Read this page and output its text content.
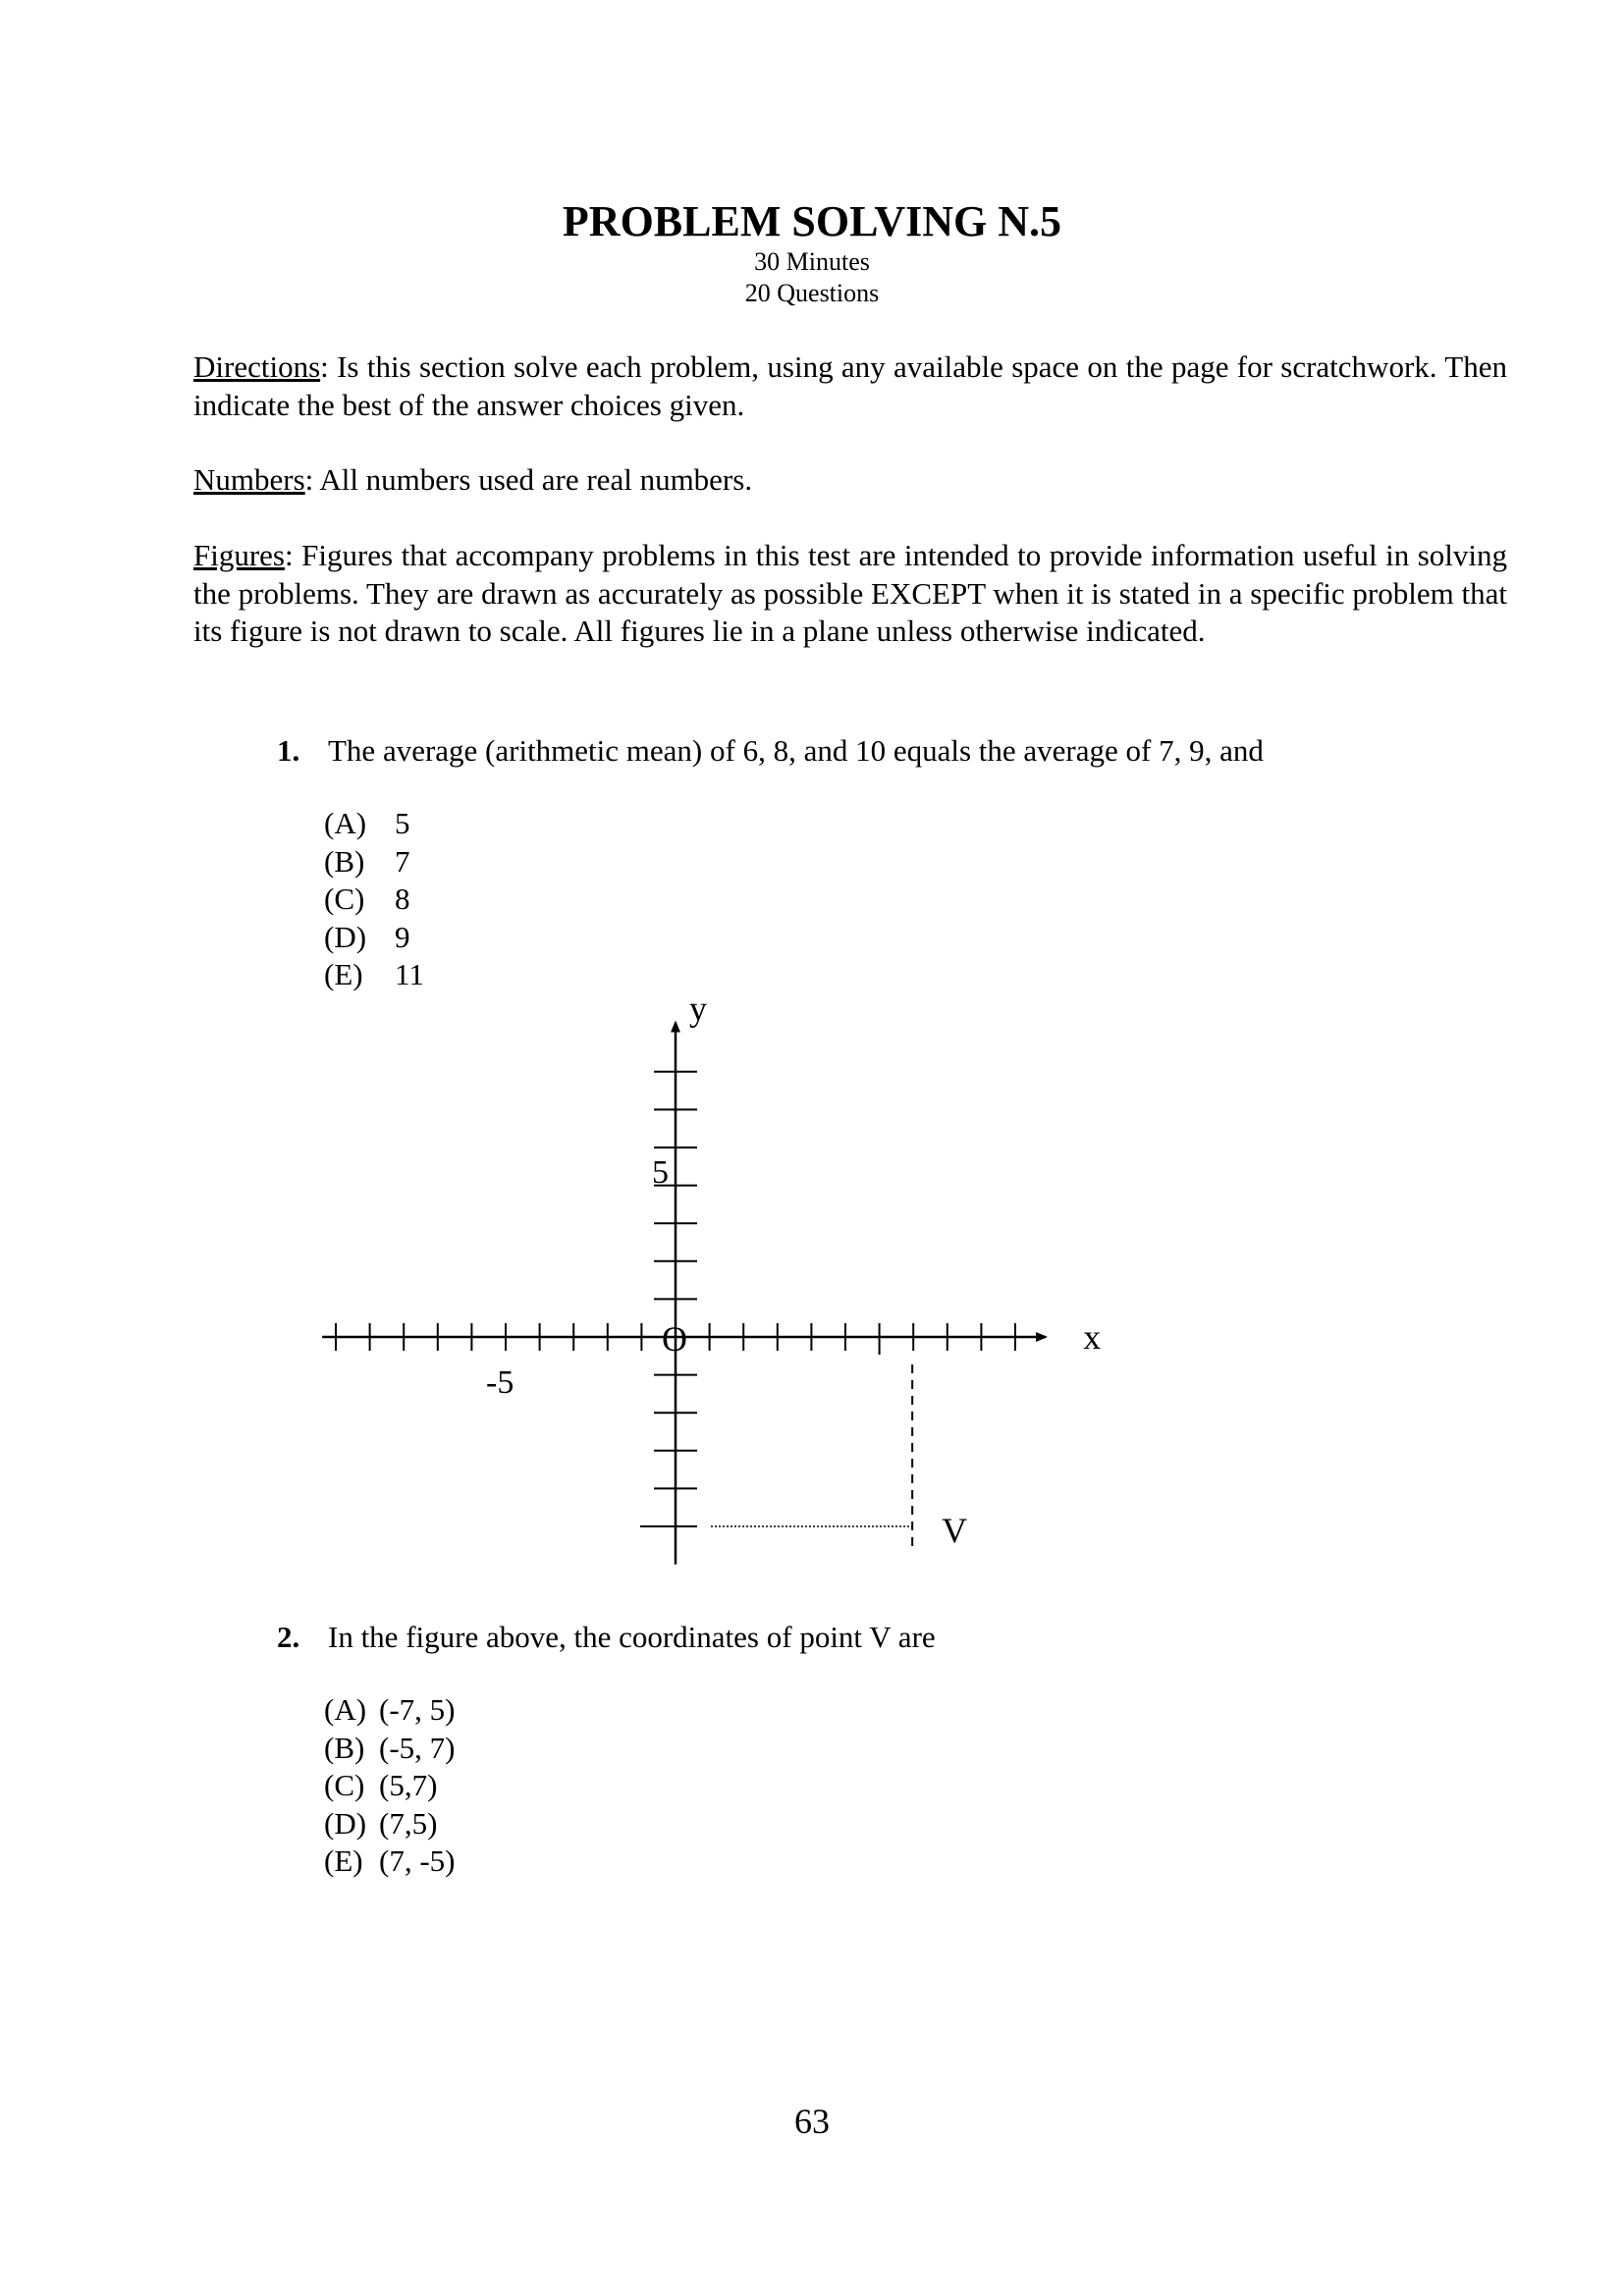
PROBLEM SOLVING N.5
30 Minutes
20 Questions
Directions: Is this section solve each problem, using any available space on the page for scratchwork. Then indicate the best of the answer choices given.
Numbers: All numbers used are real numbers.
Figures: Figures that accompany problems in this test are intended to provide information useful in solving the problems. They are drawn as accurately as possible EXCEPT when it is stated in a specific problem that its figure is not drawn to scale. All figures lie in a plane unless otherwise indicated.
1. The average (arithmetic mean) of 6, 8, and 10 equals the average of 7, 9, and
(A) 5
(B) 7
(C) 8
(D) 9
(E) 11
x
y
O
5
-5
V
2. In the figure above, the coordinates of point V are
(A) (-7, 5)
(B) (-5, 7)
(C) (5,7)
(D) (7,5)
(E) (7, -5)
63
